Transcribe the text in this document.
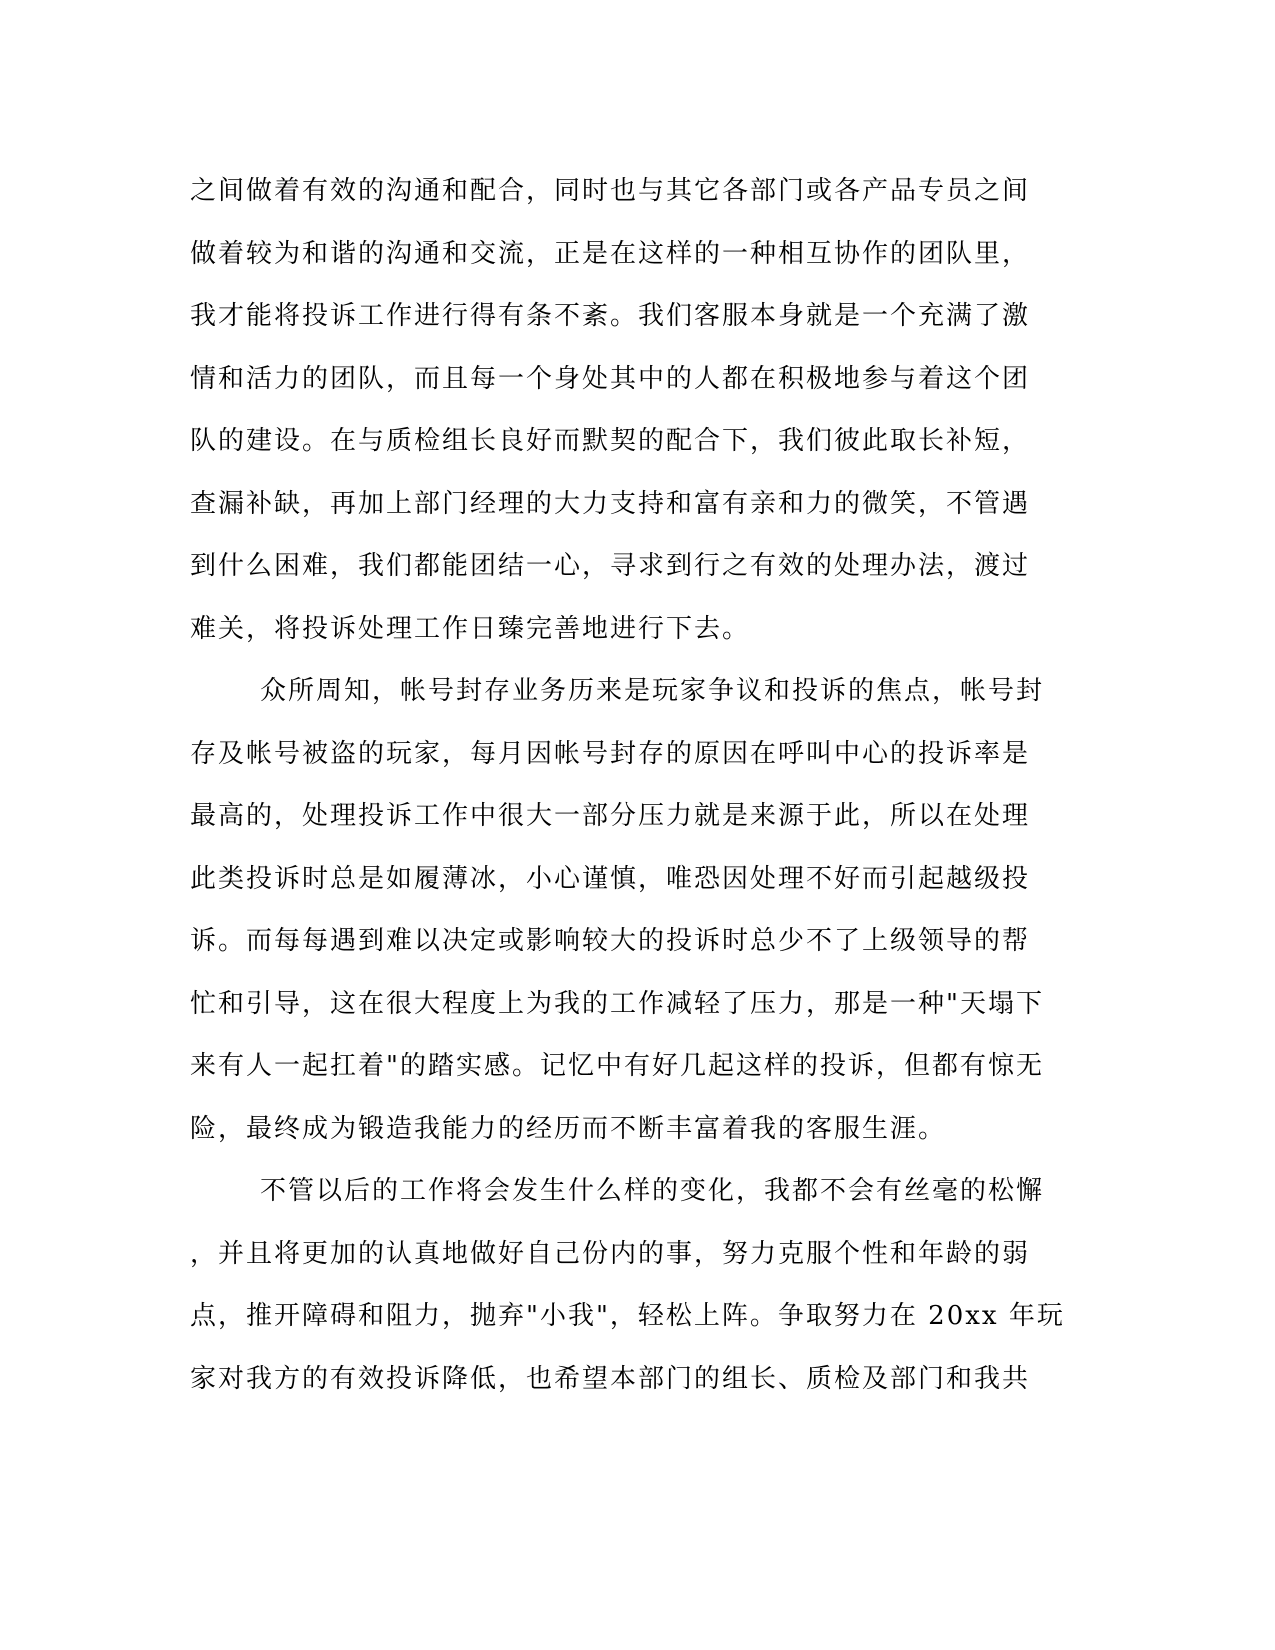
之间做着有效的沟通和配合，同时也与其它各部门或各产品专员之间
做着较为和谐的沟通和交流，正是在这样的一种相互协作的团队里，
我才能将投诉工作进行得有条不紊。我们客服本身就是一个充满了激
情和活力的团队，而且每一个身处其中的人都在积极地参与着这个团
队的建设。在与质检组长良好而默契的配合下，我们彼此取长补短，
查漏补缺，再加上部门经理的大力支持和富有亲和力的微笑，不管遇
到什么困难，我们都能团结一心，寻求到行之有效的处理办法，渡过
难关，将投诉处理工作日臻完善地进行下去。
众所周知，帐号封存业务历来是玩家争议和投诉的焦点，帐号封
存及帐号被盗的玩家，每月因帐号封存的原因在呼叫中心的投诉率是
最高的，处理投诉工作中很大一部分压力就是来源于此，所以在处理
此类投诉时总是如履薄冰，小心谨慎，唯恐因处理不好而引起越级投
诉。而每每遇到难以决定或影响较大的投诉时总少不了上级领导的帮
忙和引导，这在很大程度上为我的工作减轻了压力，那是一种"天塌下
来有人一起扛着"的踏实感。记忆中有好几起这样的投诉，但都有惊无
险，最终成为锻造我能力的经历而不断丰富着我的客服生涯。
不管以后的工作将会发生什么样的变化，我都不会有丝毫的松懈
，并且将更加的认真地做好自己份内的事，努力克服个性和年龄的弱
点，推开障碍和阻力，抛弃"小我"，轻松上阵。争取努力在 20xx 年玩
家对我方的有效投诉降低，也希望本部门的组长、质检及部门和我共
